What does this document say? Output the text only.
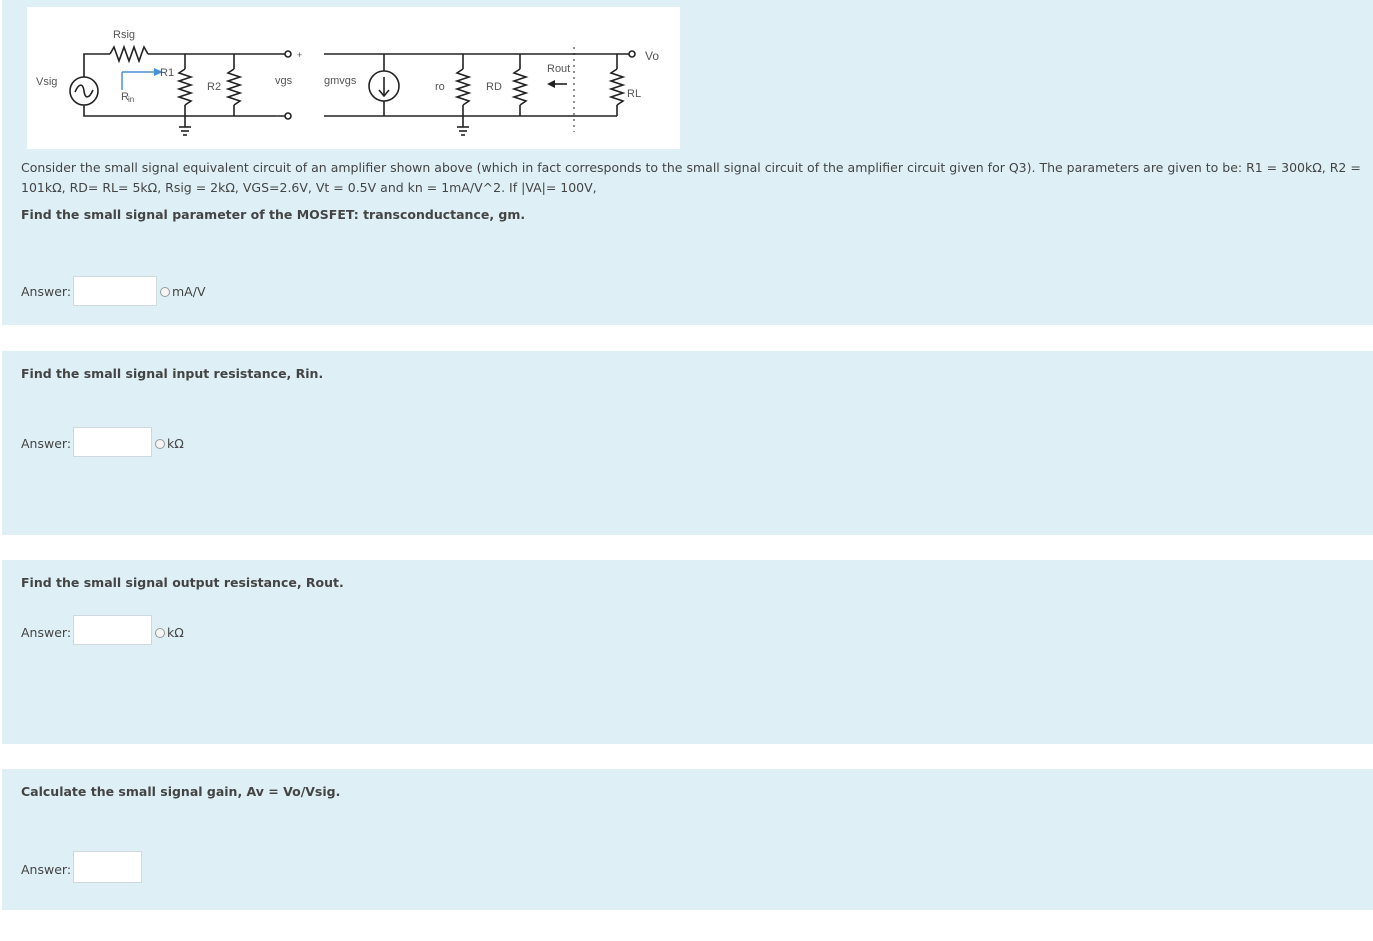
Rsig
Vsig
R1
R2
R in
vgs	gmvgs	ro	RD
Rout
RL
Vo
+
-
Consider the small signal equivalent circuit of an amplifier shown above (which in fact corresponds to the small signal circuit of the amplifier circuit given for Q3). The parameters are given to be: R1 = 300kΩ, R2 = 101kΩ, RD= RL= 5kΩ, Rsig = 2kΩ, VGS=2.6V, Vt = 0.5V and kn = 1mA/V^2. If |VA|= 100V,
Find the small signal parameter of the MOSFET: transconductance, gm.
Answer:	mA/V
Find the small signal input resistance, Rin.
Answer:	kΩ
Find the small signal output resistance, Rout.
Answer:	kΩ
Calculate the small signal gain, Av = Vo/Vsig.
Answer:
